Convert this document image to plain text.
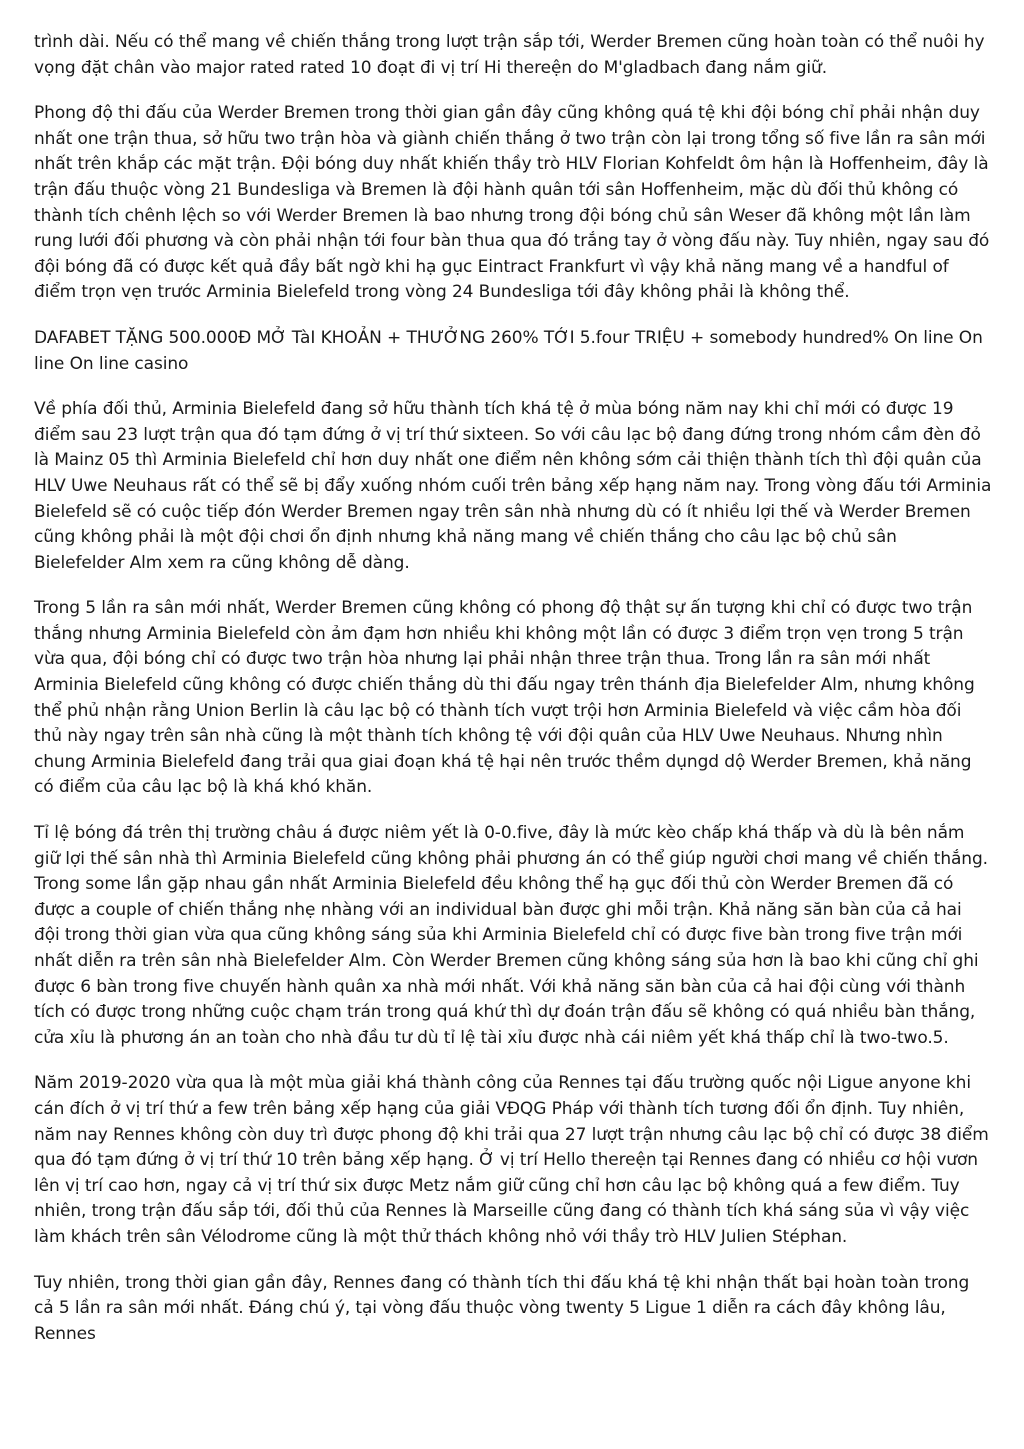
trình dài. Nếu có thể mang về chiến thắng trong lượt trận sắp tới, Werder Bremen cũng hoàn toàn có thể nuôi hy vọng đặt chân vào major rated rated 10 đoạt đi vị trí Hi thereện do M'gladbach đang nắm giữ.

Phong độ thi đấu của Werder Bremen trong thời gian gần đây cũng không quá tệ khi đội bóng chỉ phải nhận duy nhất one trận thua, sở hữu two trận hòa và giành chiến thắng ở two trận còn lại trong tổng số five lần ra sân mới nhất trên khắp các mặt trận. Đội bóng duy nhất khiến thầy trò HLV Florian Kohfeldt ôm hận là Hoffenheim, đây là trận đấu thuộc vòng 21 Bundesliga và Bremen là đội hành quân tới sân Hoffenheim, mặc dù đối thủ không có thành tích chênh lệch so với Werder Bremen là bao nhưng trong đội bóng chủ sân Weser đã không một lần làm rung lưới đối phương và còn phải nhận tới four bàn thua qua đó trắng tay ở vòng đấu này. Tuy nhiên, ngay sau đó đội bóng đã có được kết quả đầy bất ngờ khi hạ gục Eintract Frankfurt vì vậy khả năng mang về a handful of điểm trọn vẹn trước Arminia Bielefeld trong vòng 24 Bundesliga tới đây không phải là không thể.

DAFABET TẶNG 500.000Đ MỞ TàI KHOẢN + THƯỞNG 260% TỚI 5.four TRIỆU + somebody hundred% On line On line On line casino

Về phía đối thủ, Arminia Bielefeld đang sở hữu thành tích khá tệ ở mùa bóng năm nay khi chỉ mới có được 19 điểm sau 23 lượt trận qua đó tạm đứng ở vị trí thứ sixteen. So với câu lạc bộ đang đứng trong nhóm cầm đèn đỏ là Mainz 05 thì Arminia Bielefeld chỉ hơn duy nhất one điểm nên không sớm cải thiện thành tích thì đội quân của HLV Uwe Neuhaus rất có thể sẽ bị đẩy xuống nhóm cuối trên bảng xếp hạng năm nay. Trong vòng đấu tới Arminia Bielefeld sẽ có cuộc tiếp đón Werder Bremen ngay trên sân nhà nhưng dù có ít nhiều lợi thế và Werder Bremen cũng không phải là một đội chơi ổn định nhưng khả năng mang về chiến thắng cho câu lạc bộ chủ sân Bielefelder Alm xem ra cũng không dễ dàng.

Trong 5 lần ra sân mới nhất, Werder Bremen cũng không có phong độ thật sự ấn tượng khi chỉ có được two trận thắng nhưng Arminia Bielefeld còn ảm đạm hơn nhiều khi không một lần có được 3 điểm trọn vẹn trong 5 trận vừa qua, đội bóng chỉ có được two trận hòa nhưng lại phải nhận three trận thua. Trong lần ra sân mới nhất Arminia Bielefeld cũng không có được chiến thắng dù thi đấu ngay trên thánh địa Bielefelder Alm, nhưng không thể phủ nhận rằng Union Berlin là câu lạc bộ có thành tích vượt trội hơn Arminia Bielefeld và việc cầm hòa đối thủ này ngay trên sân nhà cũng là một thành tích không tệ với đội quân của HLV Uwe Neuhaus. Nhưng nhìn chung Arminia Bielefeld đang trải qua giai đoạn khá tệ hại nên trước thềm dụngd dộ Werder Bremen, khả năng có điểm của câu lạc bộ là khá khó khăn.

Tỉ lệ bóng đá trên thị trường châu á được niêm yết là 0-0.five, đây là mức kèo chấp khá thấp và dù là bên nắm giữ lợi thế sân nhà thì Arminia Bielefeld cũng không phải phương án có thể giúp người chơi mang về chiến thắng. Trong some lần gặp nhau gần nhất Arminia Bielefeld đều không thể hạ gục đối thủ còn Werder Bremen đã có được a couple of chiến thắng nhẹ nhàng với an individual bàn được ghi mỗi trận. Khả năng săn bàn của cả hai đội trong thời gian vừa qua cũng không sáng sủa khi Arminia Bielefeld chỉ có được five bàn trong five trận mới nhất diễn ra trên sân nhà Bielefelder Alm. Còn Werder Bremen cũng không sáng sủa hơn là bao khi cũng chỉ ghi được 6 bàn trong five chuyến hành quân xa nhà mới nhất. Với khả năng săn bàn của cả hai đội cùng với thành tích có được trong những cuộc chạm trán trong quá khứ thì dự đoán trận đấu sẽ không có quá nhiều bàn thắng, cửa xỉu là phương án an toàn cho nhà đầu tư dù tỉ lệ tài xỉu được nhà cái niêm yết khá thấp chỉ là two-two.5.

Năm 2019-2020 vừa qua là một mùa giải khá thành công của Rennes tại đấu trường quốc nội Ligue anyone khi cán đích ở vị trí thứ a few trên bảng xếp hạng của giải VĐQG Pháp với thành tích tương đối ổn định. Tuy nhiên, năm nay Rennes không còn duy trì được phong độ khi trải qua 27 lượt trận nhưng câu lạc bộ chỉ có được 38 điểm qua đó tạm đứng ở vị trí thứ 10 trên bảng xếp hạng. Ở vị trí Hello thereện tại Rennes đang có nhiều cơ hội vươn lên vị trí cao hơn, ngay cả vị trí thứ six được Metz nắm giữ cũng chỉ hơn câu lạc bộ không quá a few điểm. Tuy nhiên, trong trận đấu sắp tới, đối thủ của Rennes là Marseille cũng đang có thành tích khá sáng sủa vì vậy việc làm khách trên sân Vélodrome cũng là một thử thách không nhỏ với thầy trò HLV Julien Stéphan.

Tuy nhiên, trong thời gian gần đây, Rennes đang có thành tích thi đấu khá tệ khi nhận thất bại hoàn toàn trong cả 5 lần ra sân mới nhất. Đáng chú ý, tại vòng đấu thuộc vòng twenty 5 Ligue 1 diễn ra cách đây không lâu, Rennes
